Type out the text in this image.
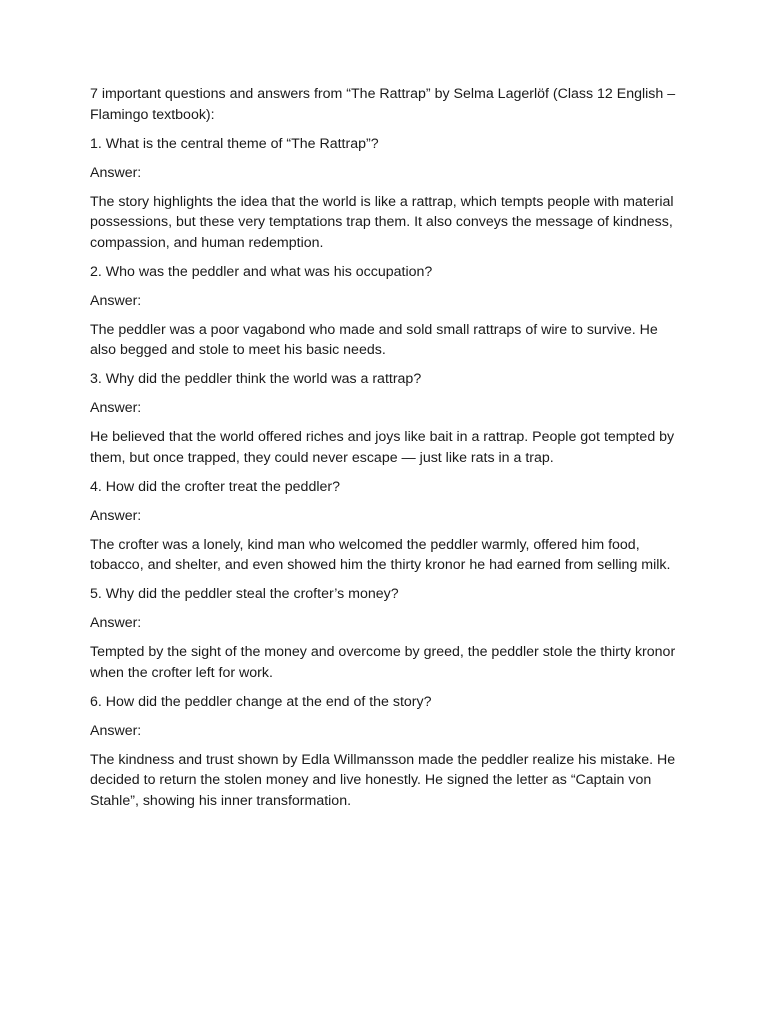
7 important questions and answers from “The Rattrap” by Selma Lagerlöf (Class 12 English – Flamingo textbook):

1. What is the central theme of “The Rattrap”?

Answer:

The story highlights the idea that the world is like a rattrap, which tempts people with material possessions, but these very temptations trap them. It also conveys the message of kindness, compassion, and human redemption.

2. Who was the peddler and what was his occupation?

Answer:

The peddler was a poor vagabond who made and sold small rattraps of wire to survive. He also begged and stole to meet his basic needs.

3. Why did the peddler think the world was a rattrap?

Answer:

He believed that the world offered riches and joys like bait in a rattrap. People got tempted by them, but once trapped, they could never escape — just like rats in a trap.

4. How did the crofter treat the peddler?

Answer:

The crofter was a lonely, kind man who welcomed the peddler warmly, offered him food, tobacco, and shelter, and even showed him the thirty kronor he had earned from selling milk.

5. Why did the peddler steal the crofter’s money?

Answer:

Tempted by the sight of the money and overcome by greed, the peddler stole the thirty kronor when the crofter left for work.

6. How did the peddler change at the end of the story?

Answer:

The kindness and trust shown by Edla Willmansson made the peddler realize his mistake. He decided to return the stolen money and live honestly. He signed the letter as “Captain von Stahle”, showing his inner transformation.
